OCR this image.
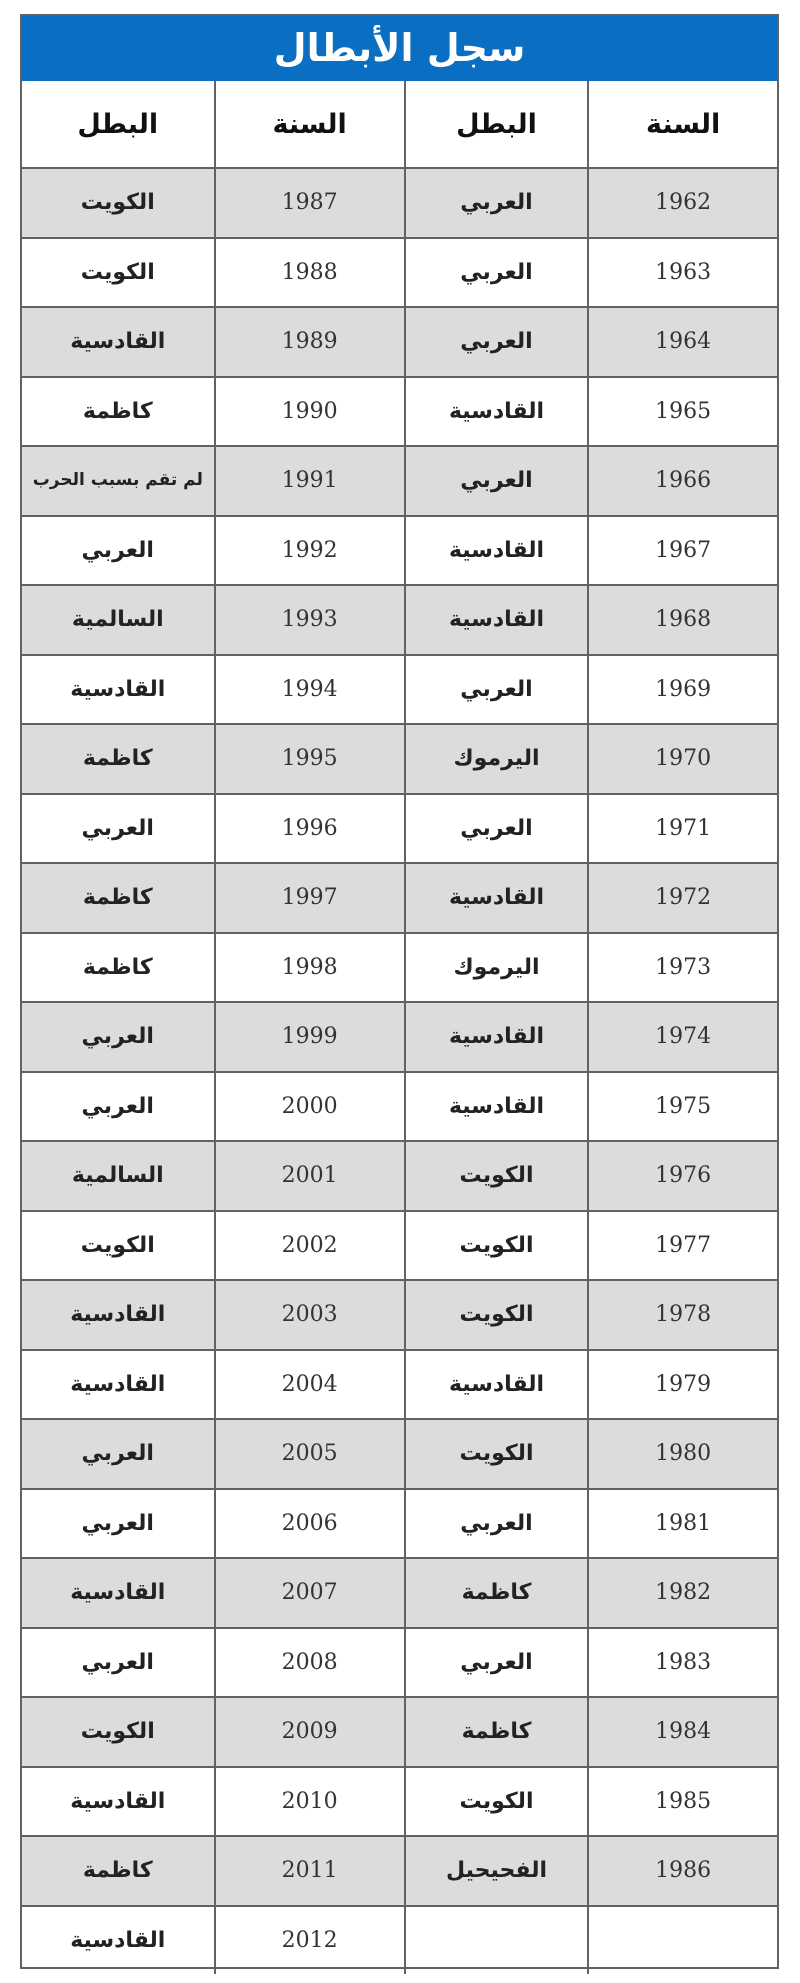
سجل الأبطال
السنة	البطل	السنة	البطل
1962	العربي	1987	الكويت
1963	العربي	1988	الكويت
1964	العربي	1989	القادسية
1965	القادسية	1990	كاظمة
1966	العربي	1991	لم تقم بسبب الحرب
1967	القادسية	1992	العربي
1968	القادسية	1993	السالمية
1969	العربي	1994	القادسية
1970	اليرموك	1995	كاظمة
1971	العربي	1996	العربي
1972	القادسية	1997	كاظمة
1973	اليرموك	1998	كاظمة
1974	القادسية	1999	العربي
1975	القادسية	2000	العربي
1976	الكويت	2001	السالمية
1977	الكويت	2002	الكويت
1978	الكويت	2003	القادسية
1979	القادسية	2004	القادسية
1980	الكويت	2005	العربي
1981	العربي	2006	العربي
1982	كاظمة	2007	القادسية
1983	العربي	2008	العربي
1984	كاظمة	2009	الكويت
1985	الكويت	2010	القادسية
1986	الفحيحيل	2011	كاظمة
		2012	القادسية
